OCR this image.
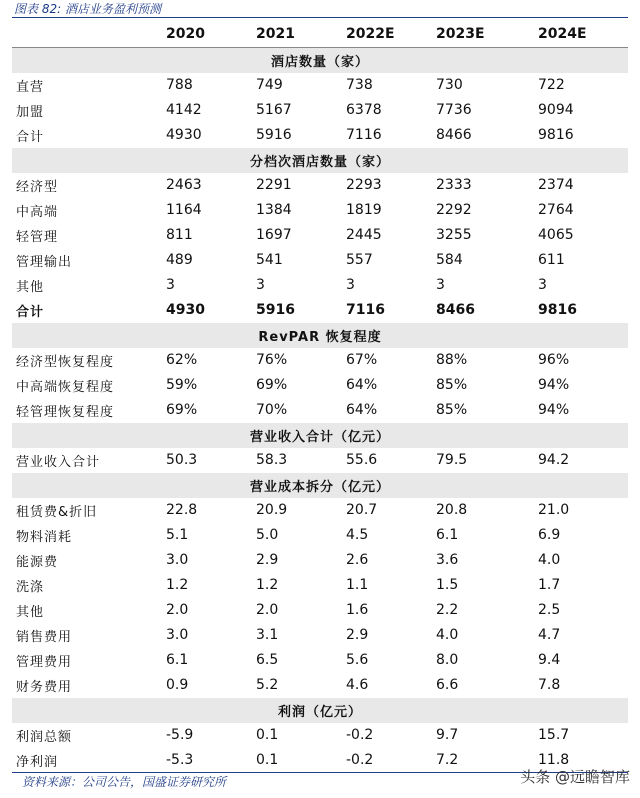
图表 82: 酒店业务盈利预测
	2020	2021	2022E	2023E	2024E
酒店数量（家）					
直营	788	749	738	730	722
加盟	4142	5167	6378	7736	9094
合计	4930	5916	7116	8466	9816
分档次酒店数量（家）					
经济型	2463	2291	2293	2333	2374
中高端	1164	1384	1819	2292	2764
轻管理	811	1697	2445	3255	4065
管理输出	489	541	557	584	611
其他	3	3	3	3	3
合计	4930	5916	7116	8466	9816
RevPAR 恢复程度					
经济型恢复程度	62%	76%	67%	88%	96%
中高端恢复程度	59%	69%	64%	85%	94%
轻管理恢复程度	69%	70%	64%	85%	94%
营业收入合计（亿元）					
营业收入合计	50.3	58.3	55.6	79.5	94.2
营业成本拆分（亿元）					
租赁费&折旧	22.8	20.9	20.7	20.8	21.0
物料消耗	5.1	5.0	4.5	6.1	6.9
能源费	3.0	2.9	2.6	3.6	4.0
洗涤	1.2	1.2	1.1	1.5	1.7
其他	2.0	2.0	1.6	2.2	2.5
销售费用	3.0	3.1	2.9	4.0	4.7
管理费用	6.1	6.5	5.6	8.0	9.4
财务费用	0.9	5.2	4.6	6.6	7.8
利润（亿元）					
利润总额	-5.9	0.1	-0.2	9.7	15.7
净利润	-5.3	0.1	-0.2	7.2	11.8
资料来源：公司公告，国盛证券研究所	头条 @远瞻智库
